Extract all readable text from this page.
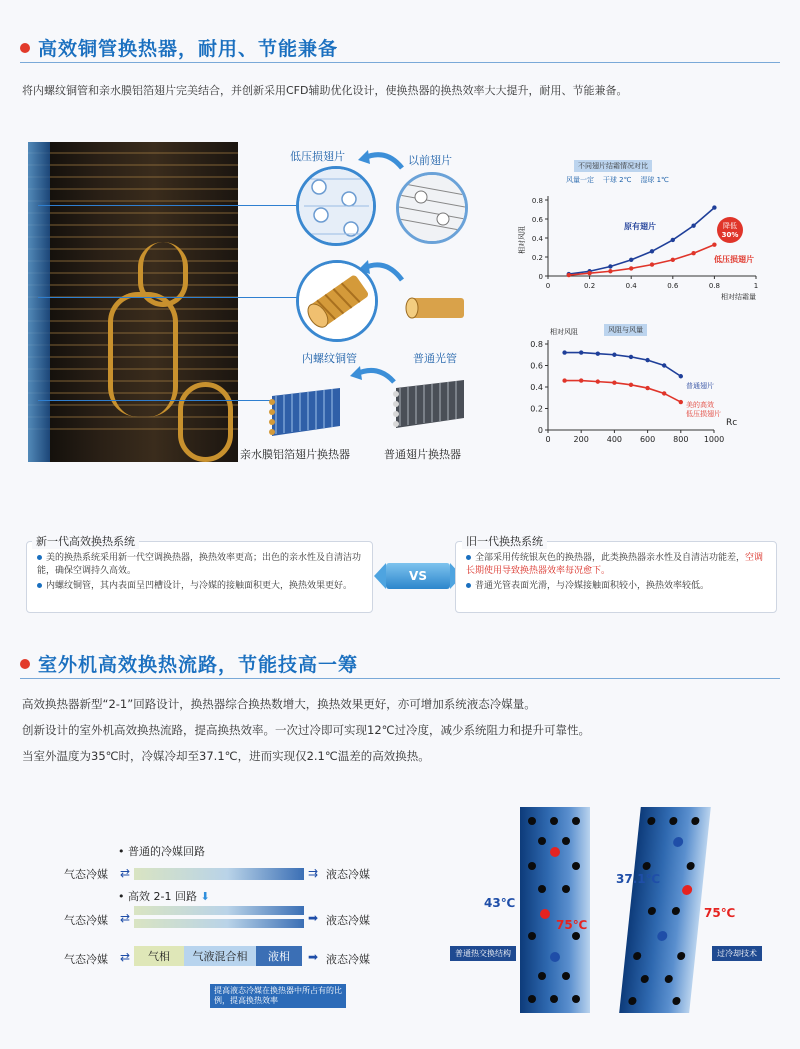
高效铜管换热器，耐用、节能兼备
将内螺纹铜管和亲水膜铝箔翅片完美结合，并创新采用CFD辅助优化设计，使换热器的换热效率大大提升，耐用、节能兼备。
低压损翅片	以前翅片
内螺纹铜管	普通光管
亲水膜铝箔翅片换热器	普通翅片换热器
不同翅片结霜情况对比
风量一定 干球 2℃ 湿球 1℃
0	0.2	0.4	0.6	0.8	1
0
0.2
0.4
0.6
0.8
相对风阻
相对结霜量
原有翅片
低压损翅片
降低
30%
风阻与风量
0	200 400 600 800 1000
0
0.2
0.4
0.6
0.8
相对风阻
Rc
普通翅片
美的高效
低压损翅片
美的换热系统采用新一代空调换热器，换热效率更高；出色的亲水性及自清洁功能，确保空调持久高效。
内螺纹铜管，其内表面呈凹槽设计，与冷媒的接触面积更大，换热效果更好。
新一代高效换热系统
VS
全部采用传统银灰色的换热器，此类换热器亲水性及自清洁功能差，空调长期使用导致换热器效率每况愈下。
普通光管表面光滑，与冷媒接触面积较小，换热效率较低。
旧一代换热系统
室外机高效换热流路，节能技高一筹
高效换热器新型“2-1”回路设计，换热器综合换热数增大，换热效果更好，亦可增加系统液态冷媒量。
创新设计的室外机高效换热流路，提高换热效率。一次过冷即可实现12℃过冷度，减少系统阻力和提升可靠性。
当室外温度为35℃时，冷媒冷却至37.1℃，进而实现仅2.1℃温差的高效换热。
• 普通的冷媒回路
气态冷媒 ⇄	⇉ 液态冷媒
• 高效 2-1 回路 ⬇
气态冷媒 ⇄	➡ 液态冷媒
气态冷媒 ⇄	气相	气液混合相	液相	➡ 液态冷媒
提高液态冷媒在换热器中所占有的比例，提高换热效率
43℃
75℃
普通热交换结构
37.1℃
75℃
过冷却技术
